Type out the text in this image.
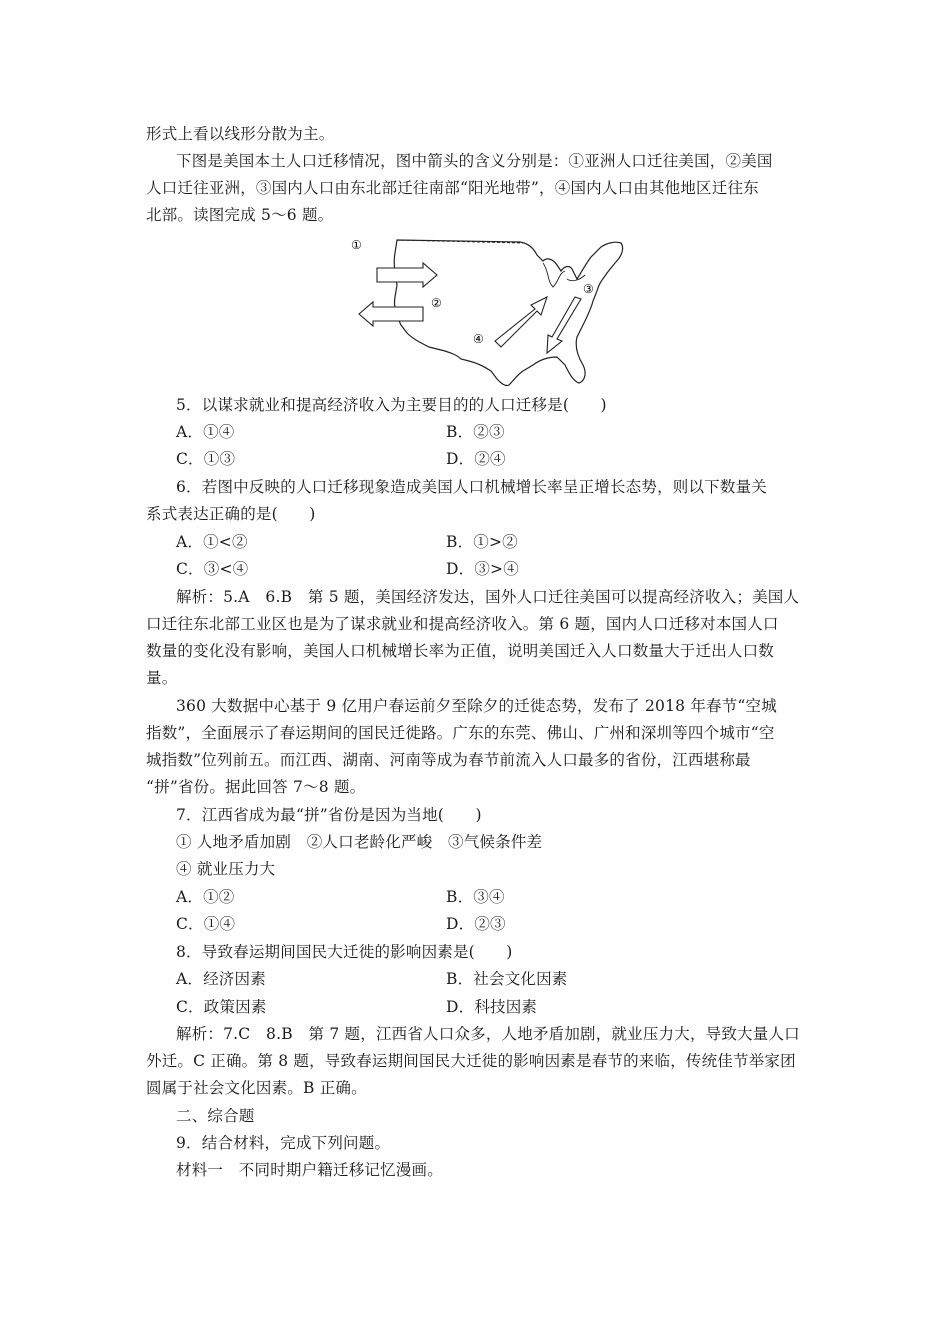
形式上看以线形分散为主。
下图是美国本土人口迁移情况，图中箭头的含义分别是：①亚洲人口迁往美国，②美国
人口迁往亚洲，③国内人口由东北部迁往南部“阳光地带”，④国内人口由其他地区迁往东
北部。读图完成 5～6 题。
①
②
③
④
5．以谋求就业和提高经济收入为主要目的的人口迁移是(　　)
A．①④	B．②③
C．①③	D．②④
6．若图中反映的人口迁移现象造成美国人口机械增长率呈正增长态势，则以下数量关
系式表达正确的是(　　)
A．①<②	B．①>②
C．③<④	D．③>④
解析：5.A　6.B　第 5 题，美国经济发达，国外人口迁往美国可以提高经济收入；美国人
口迁往东北部工业区也是为了谋求就业和提高经济收入。第 6 题，国内人口迁移对本国人口
数量的变化没有影响，美国人口机械增长率为正值，说明美国迁入人口数量大于迁出人口数
量。
360 大数据中心基于 9 亿用户春运前夕至除夕的迁徙态势，发布了 2018 年春节“空城
指数”，全面展示了春运期间的国民迁徙路。广东的东莞、佛山、广州和深圳等四个城市“空
城指数”位列前五。而江西、湖南、河南等成为春节前流入人口最多的省份，江西堪称最
“拼”省份。据此回答 7～8 题。
7．江西省成为最“拼”省份是因为当地(　　)
① 人地矛盾加剧　②人口老龄化严峻　③气候条件差
④ 就业压力大
A．①②	B．③④
C．①④	D．②③
8．导致春运期间国民大迁徙的影响因素是(　　)
A．经济因素	B．社会文化因素
C．政策因素	D．科技因素
解析：7.C　8.B　第 7 题，江西省人口众多，人地矛盾加剧，就业压力大，导致大量人口
外迁。C 正确。第 8 题，导致春运期间国民大迁徙的影响因素是春节的来临，传统佳节举家团
圆属于社会文化因素。B 正确。
二、综合题
9．结合材料，完成下列问题。
材料一　不同时期户籍迁移记忆漫画。
